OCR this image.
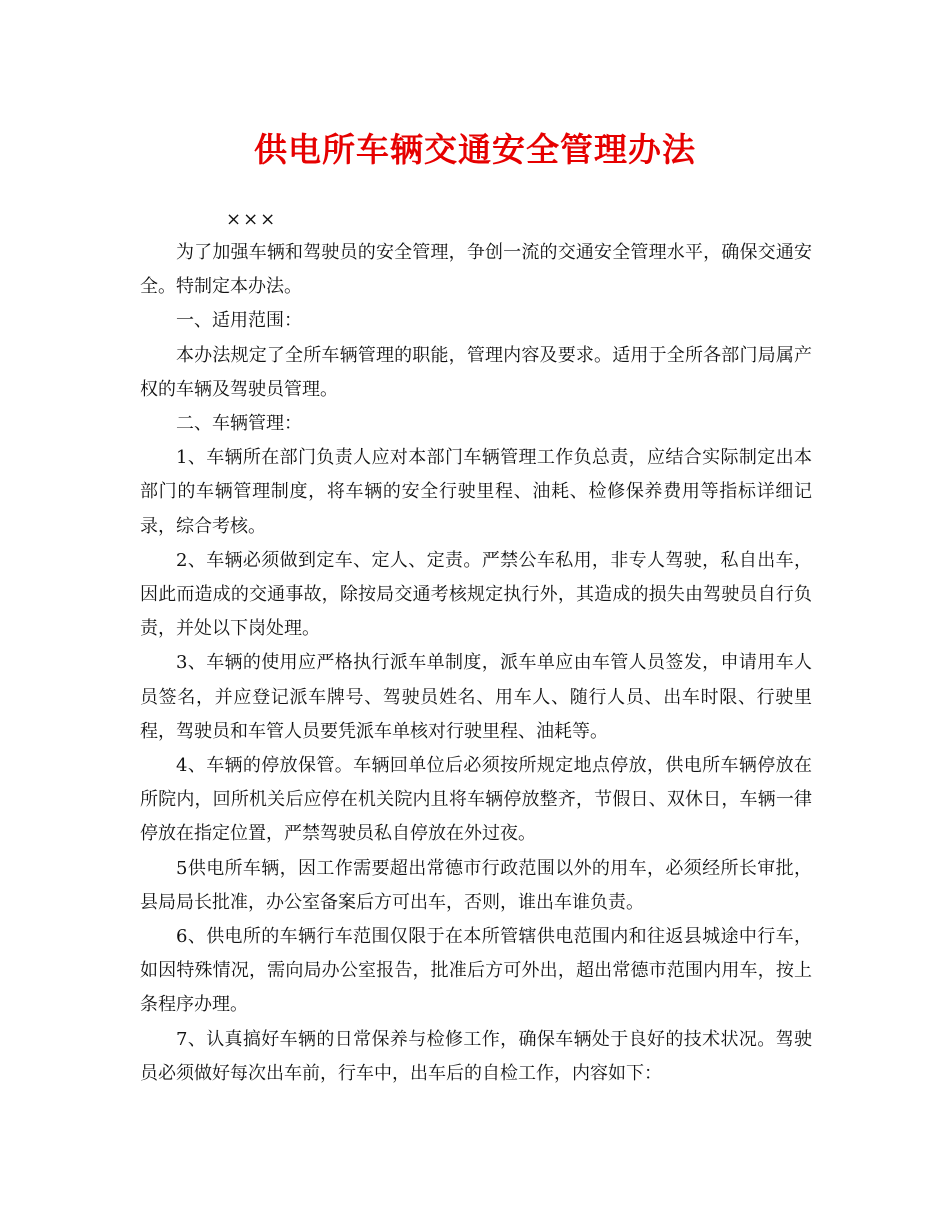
供电所车辆交通安全管理办法
×××

为了加强车辆和驾驶员的安全管理，争创一流的交通安全管理水平，确保交通安全。特制定本办法。

一、适用范围：

本办法规定了全所车辆管理的职能，管理内容及要求。适用于全所各部门局属产权的车辆及驾驶员管理。

二、车辆管理：

1、车辆所在部门负责人应对本部门车辆管理工作负总责，应结合实际制定出本部门的车辆管理制度，将车辆的安全行驶里程、油耗、检修保养费用等指标详细记录，综合考核。

2、车辆必须做到定车、定人、定责。严禁公车私用，非专人驾驶，私自出车，因此而造成的交通事故，除按局交通考核规定执行外，其造成的损失由驾驶员自行负责，并处以下岗处理。

3、车辆的使用应严格执行派车单制度，派车单应由车管人员签发，申请用车人员签名，并应登记派车牌号、驾驶员姓名、用车人、随行人员、出车时限、行驶里程，驾驶员和车管人员要凭派车单核对行驶里程、油耗等。

4、车辆的停放保管。车辆回单位后必须按所规定地点停放，供电所车辆停放在所院内，回所机关后应停在机关院内且将车辆停放整齐，节假日、双休日，车辆一律停放在指定位置，严禁驾驶员私自停放在外过夜。

5供电所车辆，因工作需要超出常德市行政范围以外的用车，必须经所长审批，县局局长批准，办公室备案后方可出车，否则，谁出车谁负责。

6、供电所的车辆行车范围仅限于在本所管辖供电范围内和往返县城途中行车，如因特殊情况，需向局办公室报告，批准后方可外出，超出常德市范围内用车，按上条程序办理。

7、认真搞好车辆的日常保养与检修工作，确保车辆处于良好的技术状况。驾驶员必须做好每次出车前，行车中，出车后的自检工作，内容如下：
